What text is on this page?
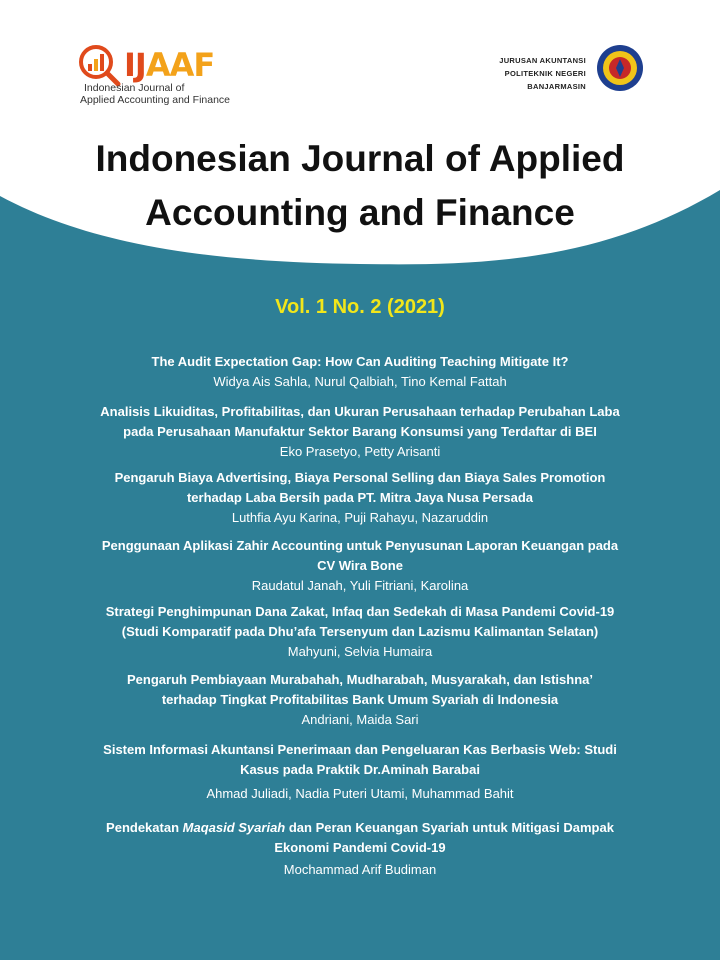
IJAAF
Indonesian Journal of
Applied Accounting and Finance
JURUSAN AKUNTANSI
POLITEKNIK NEGERI
BANJARMASIN
Indonesian Journal of Applied
Accounting and Finance
Vol. 1 No. 2 (2021)
The Audit Expectation Gap: How Can Auditing Teaching Mitigate It?
Widya Ais Sahla, Nurul Qalbiah, Tino Kemal Fattah
Analisis Likuiditas, Profitabilitas, dan Ukuran Perusahaan terhadap Perubahan Laba
pada Perusahaan Manufaktur Sektor Barang Konsumsi yang Terdaftar di BEI
Eko Prasetyo, Petty Arisanti
Pengaruh Biaya Advertising, Biaya Personal Selling dan Biaya Sales Promotion
terhadap Laba Bersih pada PT. Mitra Jaya Nusa Persada
Luthfia Ayu Karina, Puji Rahayu, Nazaruddin
Penggunaan Aplikasi Zahir Accounting untuk Penyusunan Laporan Keuangan pada
CV Wira Bone
Raudatul Janah, Yuli Fitriani, Karolina
Strategi Penghimpunan Dana Zakat, Infaq dan Sedekah di Masa Pandemi Covid-19
(Studi Komparatif pada Dhu’afa Tersenyum dan Lazismu Kalimantan Selatan)
Mahyuni, Selvia Humaira
Pengaruh Pembiayaan Murabahah, Mudharabah, Musyarakah, dan Istishna’
terhadap Tingkat Profitabilitas Bank Umum Syariah di Indonesia
Andriani, Maida Sari
Sistem Informasi Akuntansi Penerimaan dan Pengeluaran Kas Berbasis Web: Studi
Kasus pada Praktik Dr.Aminah Barabai
Ahmad Juliadi, Nadia Puteri Utami, Muhammad Bahit
Pendekatan Maqasid Syariah dan Peran Keuangan Syariah untuk Mitigasi Dampak
Ekonomi Pandemi Covid-19
Mochammad Arif Budiman
